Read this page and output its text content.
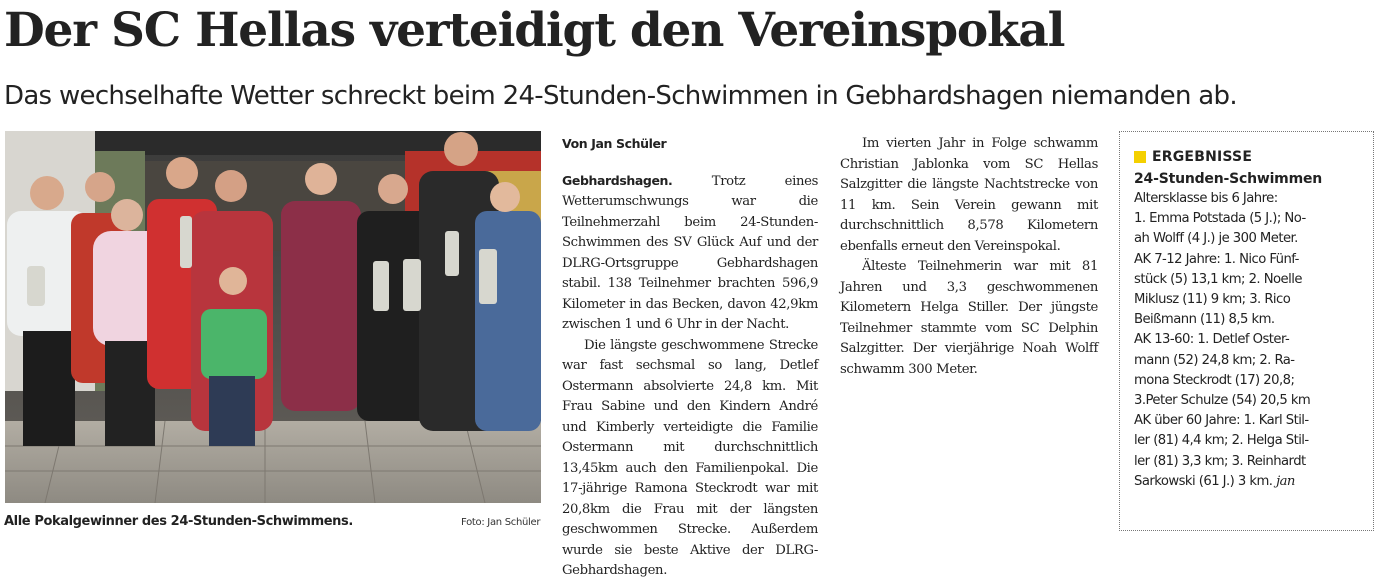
Der SC Hellas verteidigt den Vereinspokal
Das wechselhafte Wetter schreckt beim 24-Stunden-Schwimmen in Gebhardshagen niemanden ab.
Alle Pokalgewinner des 24-Stunden-Schwimmens.	Foto: Jan Schüler

Von Jan Schüler

Gebhardshagen.	Trotz eines Wetterumschwungs war die Teilnehmerzahl beim 24-Stunden-Schwimmen des SV Glück Auf und der DLRG-Ortsgruppe Gebhardshagen stabil. 138 Teilnehmer brachten 596,9 Kilometer in das Becken, davon 42,9km zwischen 1 und 6 Uhr in der Nacht.

Die längste geschwommene Strecke war fast sechsmal so lang, Detlef Ostermann absolvierte 24,8 km. Mit Frau Sabine und den Kindern André und Kimberly verteidigte die Familie Ostermann mit durchschnittlich 13,45km auch den Familienpokal. Die 17-jährige Ramona Steckrodt war mit 20,8km die Frau mit der längsten geschwommen Strecke. Außerdem wurde sie beste Aktive der DLRG-Gebhardshagen.

Im vierten Jahr in Folge schwamm Christian Jablonka vom SC Hellas Salzgitter die längste Nachtstrecke von 11 km. Sein Verein gewann mit durchschnittlich 8,578 Kilometern ebenfalls erneut den Vereinspokal.

Älteste Teilnehmerin war mit 81 Jahren und 3,3 geschwommenen Kilometern Helga Stiller. Der jüngste Teilnehmer stammte vom SC Delphin Salzgitter. Der vierjährige Noah Wolff schwamm 300 Meter.

ERGEBNISSE
24-Stunden-Schwimmen
Altersklasse bis 6 Jahre:
1. Emma Potstada (5 J.); No-
ah Wolff (4 J.) je 300 Meter.
AK 7-12 Jahre: 1. Nico Fünf-
stück (5) 13,1 km; 2. Noelle
Miklusz (11) 9 km; 3. Rico
Beißmann (11) 8,5 km.
AK 13-60: 1. Detlef Oster-
mann (52) 24,8 km; 2. Ra-
mona Steckrodt (17) 20,8;
3.Peter Schulze (54) 20,5 km
AK über 60 Jahre: 1. Karl Stil-
ler (81) 4,4 km; 2. Helga Stil-
ler (81) 3,3 km; 3. Reinhardt
Sarkowski (61 J.) 3 km. jan
